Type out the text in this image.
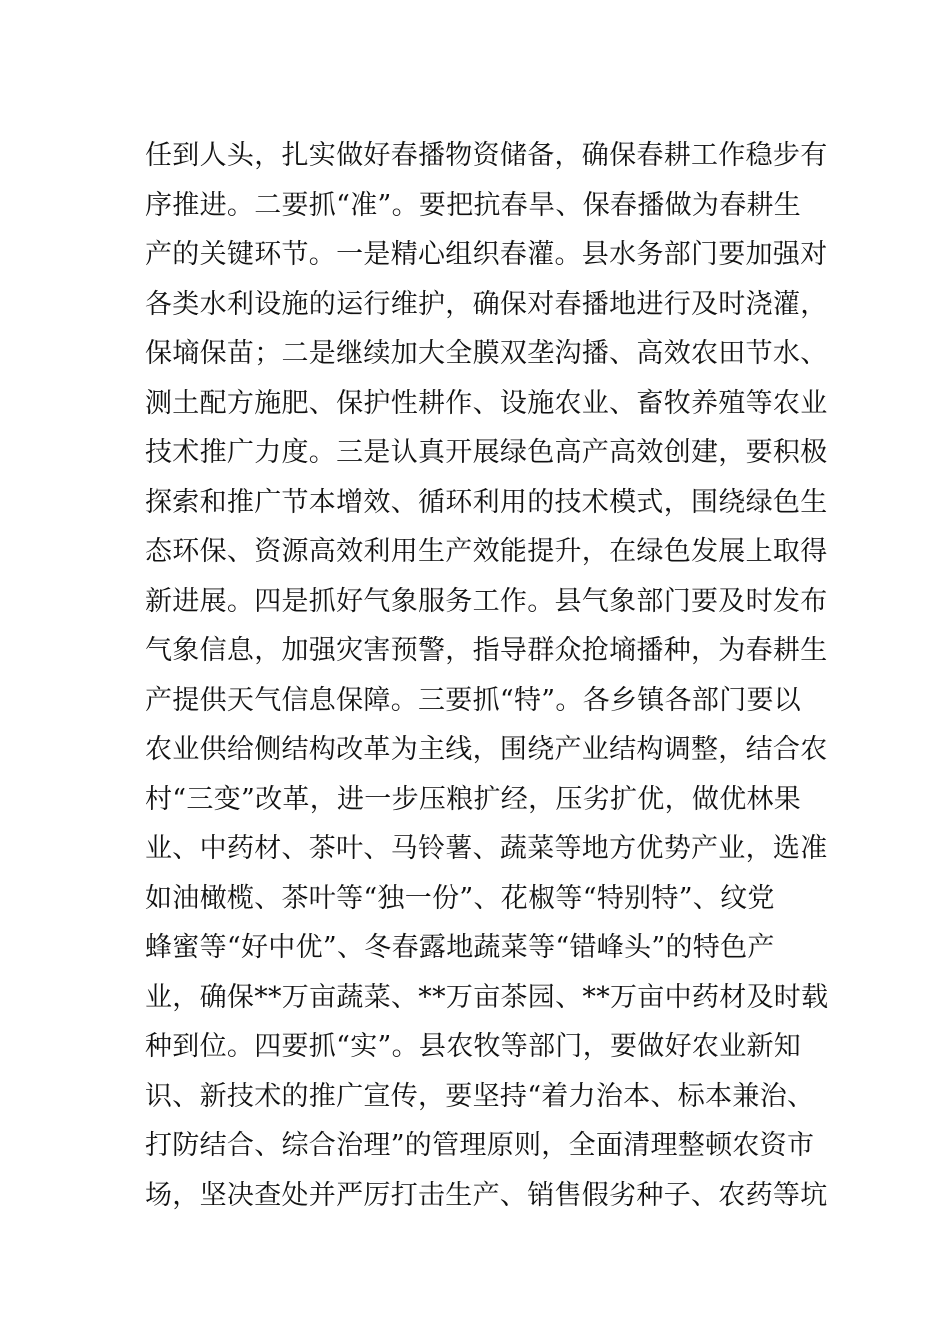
任到人头，扎实做好春播物资储备，确保春耕工作稳步有
序推进。二要抓“准”。要把抗春旱、保春播做为春耕生
产的关键环节。一是精心组织春灌。县水务部门要加强对
各类水利设施的运行维护，确保对春播地进行及时浇灌，
保墒保苗；二是继续加大全膜双垄沟播、高效农田节水、
测土配方施肥、保护性耕作、设施农业、畜牧养殖等农业
技术推广力度。三是认真开展绿色高产高效创建，要积极
探索和推广节本增效、循环利用的技术模式，围绕绿色生
态环保、资源高效利用生产效能提升，在绿色发展上取得
新进展。四是抓好气象服务工作。县气象部门要及时发布
气象信息，加强灾害预警，指导群众抢墒播种，为春耕生
产提供天气信息保障。三要抓“特”。各乡镇各部门要以
农业供给侧结构改革为主线，围绕产业结构调整，结合农
村“三变”改革，进一步压粮扩经，压劣扩优，做优林果
业、中药材、茶叶、马铃薯、蔬菜等地方优势产业，选准
如油橄榄、茶叶等“独一份”、花椒等“特别特”、纹党
蜂蜜等“好中优”、冬春露地蔬菜等“错峰头”的特色产
业，确保**万亩蔬菜、**万亩茶园、**万亩中药材及时载
种到位。四要抓“实”。县农牧等部门，要做好农业新知
识、新技术的推广宣传，要坚持“着力治本、标本兼治、
打防结合、综合治理”的管理原则，全面清理整顿农资市
场，坚决查处并严厉打击生产、销售假劣种子、农药等坑
